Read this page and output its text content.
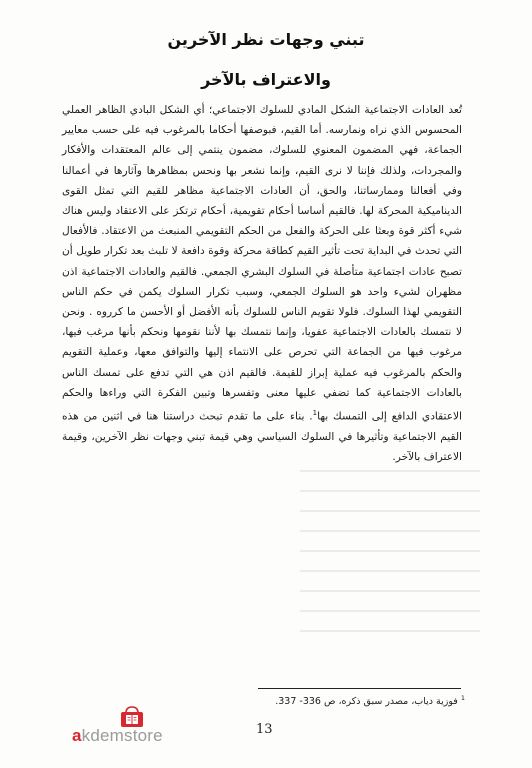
تبني وجهات نظر الآخرين
والاعتراف بالآخر

تُعد العادات الاجتماعية الشكل المادي للسلوك الاجتماعي؛ أي الشكل البادي الظاهر العملي المحسوس الذي نراه ونمارسه. أما القيم، فبوصفها أحكاما بالمرغوب فيه على حسب معايير الجماعة، فهي المضمون المعنوي للسلوك، مضمون ينتمي إلى عالم المعتقدات والأفكار والمجردات، ولذلك فإننا لا نرى القيم، وإنما نشعر بها ونحس بمظاهرها وآثارها في أعمالنا وفي أفعالنا وممارساتنا، والحق، أن العادات الاجتماعية مظاهر للقيم التي تمثل القوى الديناميكية المحركة لها. فالقيم أساسا أحكام تقويمية، أحكام ترتكز على الاعتقاد وليس هناك شيء أكثر قوة وبعثا على الحركة والفعل من الحكم التقويمي المنبعث من الاعتقاد. فالأفعال التي تحدث في البداية تحت تأثير القيم كطاقة محركة وقوة دافعة لا تلبث بعد تكرار طويل أن تصبح عادات اجتماعية متأصلة في السلوك البشري الجمعي. فالقيم والعادات الاجتماعية اذن مظهران لشيء واحد هو السلوك الجمعي، وسبب تكرار السلوك يكمن في حكم الناس التقويمي لهذا السلوك. فلولا تقويم الناس للسلوك بأنه الأفضل أو الأحسن ما كرروه . ونحن لا نتمسك بالعادات الاجتماعية عفويا، وإنما نتمسك بها لأننا نقومها ونحكم بأنها مرغب فيها، مرغوب فيها من الجماعة التي تحرص على الانتماء إليها والتوافق معها، وعملية التقويم والحكم بالمرغوب فيه عملية إبراز للقيمة. فالقيم اذن هي التي تدفع على تمسك الناس بالعادات الاجتماعية كما تضفي عليها معنى وتفسرها وتبين الفكرة التي وراءها والحكم الاعتقادي الدافع إلى التمسك بها$^1$. بناء على ما تقدم تبحث دراستنا هنا في اثنين من هذه القيم الاجتماعية وتأثيرها في السلوك السياسي وهي قيمة تبني وجهات نظر الآخرين، وقيمة الاعتراف بالآخر.

$^1$ فوزية دياب، مصدر سبق ذكره، ص 336- 337.
akdemstore	13
